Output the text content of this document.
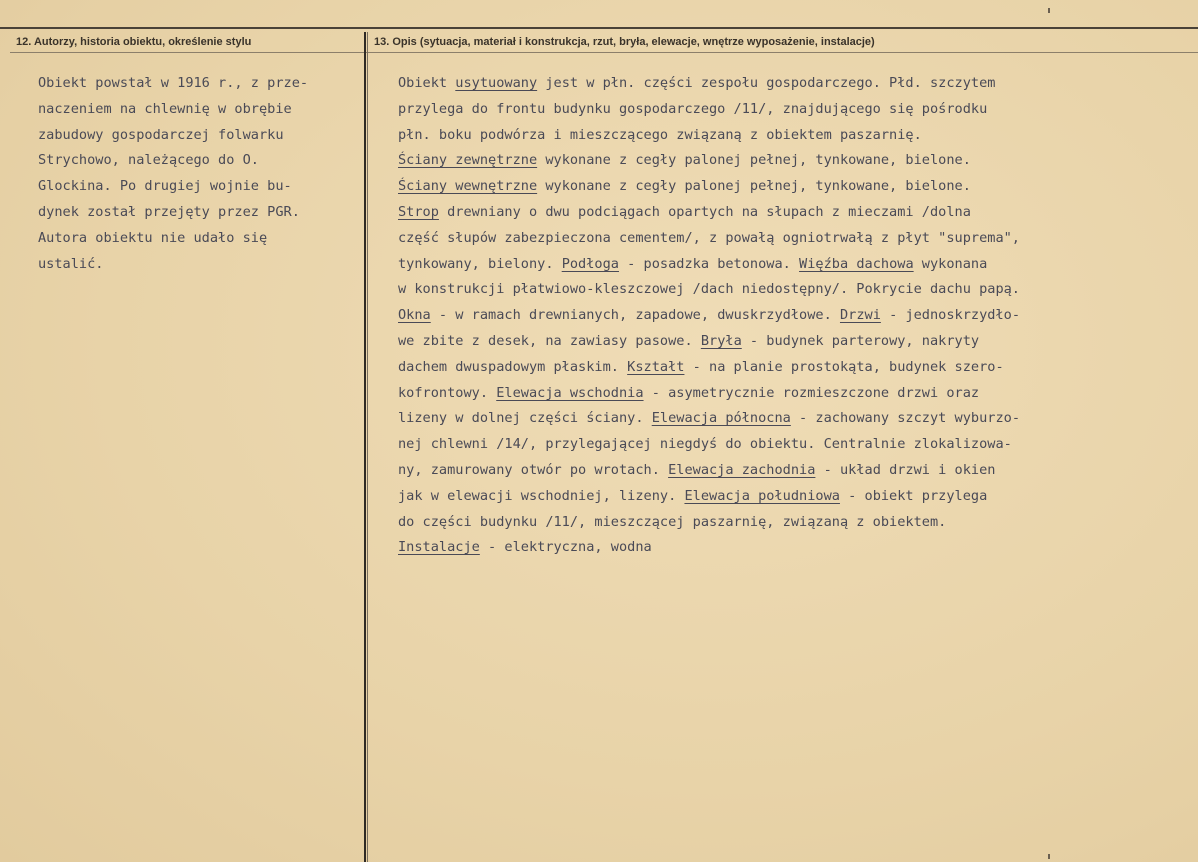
12. Autorzy, historia obiektu, określenie stylu	13. Opis (sytuacja, materiał i konstrukcja, rzut, bryła, elewacje, wnętrze wyposażenie, instalacje)
Obiekt powstał w 1916 r., z prze-
naczeniem na chlewnię w obrębie
zabudowy gospodarczej folwarku
Strychowo, należącego do O.
Glockina. Po drugiej wojnie bu-
dynek został przejęty przez PGR.
Autora obiektu nie udało się
ustalić.
Obiekt usytuowany jest w płn. części zespołu gospodarczego. Płd. szczytem
przylega do frontu budynku gospodarczego /11/, znajdującego się pośrodku
płn. boku podwórza i mieszczącego związaną z obiektem paszarnię.
Ściany zewnętrzne wykonane z cegły palonej pełnej, tynkowane, bielone.
Ściany wewnętrzne wykonane z cegły palonej pełnej, tynkowane, bielone.
Strop drewniany o dwu podciągach opartych na słupach z mieczami /dolna
część słupów zabezpieczona cementem/, z powałą ogniotrwałą z płyt "suprema",
tynkowany, bielony. Podłoga - posadzka betonowa. Więźba dachowa wykonana
w konstrukcji płatwiowo-kleszczowej /dach niedostępny/. Pokrycie dachu papą.
Okna - w ramach drewnianych, zapadowe, dwuskrzydłowe. Drzwi - jednoskrzydło-
we zbite z desek, na zawiasy pasowe. Bryła - budynek parterowy, nakryty
dachem dwuspadowym płaskim. Kształt - na planie prostokąta, budynek szero-
kofrontowy. Elewacja wschodnia - asymetrycznie rozmieszczone drzwi oraz
lizeny w dolnej części ściany. Elewacja północna - zachowany szczyt wyburzo-
nej chlewni /14/, przylegającej niegdyś do obiektu. Centralnie zlokalizowa-
ny, zamurowany otwór po wrotach. Elewacja zachodnia - układ drzwi i okien
jak w elewacji wschodniej, lizeny. Elewacja południowa - obiekt przylega
do części budynku /11/, mieszczącej paszarnię, związaną z obiektem.
Instalacje - elektryczna, wodna
